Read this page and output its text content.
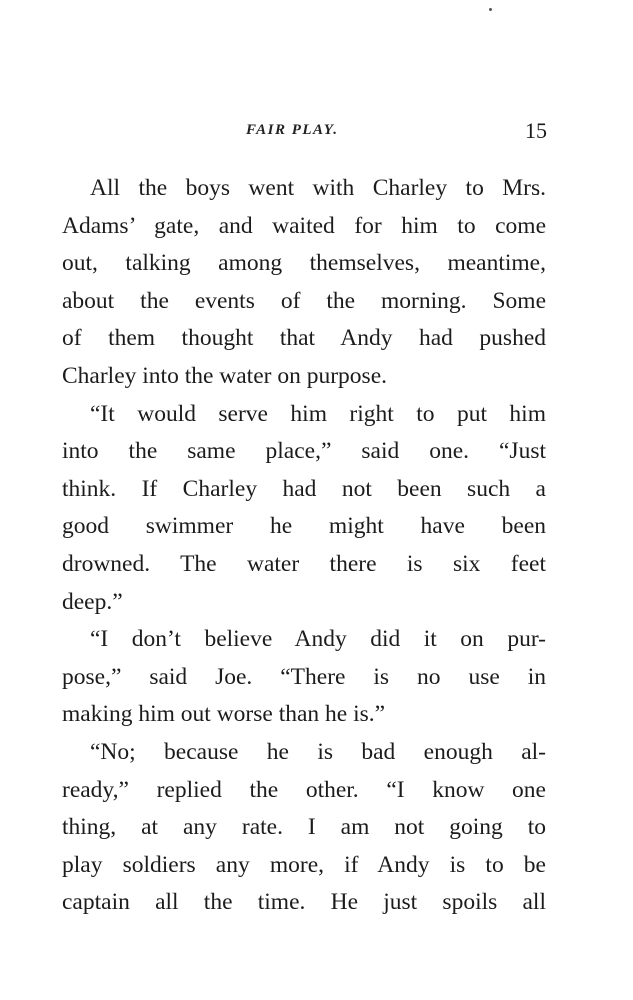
FAIR PLAY.	15
All the boys went with Charley to Mrs.
Adams’ gate, and waited for him to come
out, talking among themselves, meantime,
about the events of the morning. Some
of them thought that Andy had pushed
Charley into the water on purpose.
“It would serve him right to put him
into the same place,” said one. “Just
think. If Charley had not been such a
good swimmer he might have been
drowned. The water there is six feet
deep.”
“I don’t believe Andy did it on pur-
pose,” said Joe. “There is no use in
making him out worse than he is.”
“No; because he is bad enough al-
ready,” replied the other. “I know one
thing, at any rate. I am not going to
play soldiers any more, if Andy is to be
captain all the time. He just spoils all
